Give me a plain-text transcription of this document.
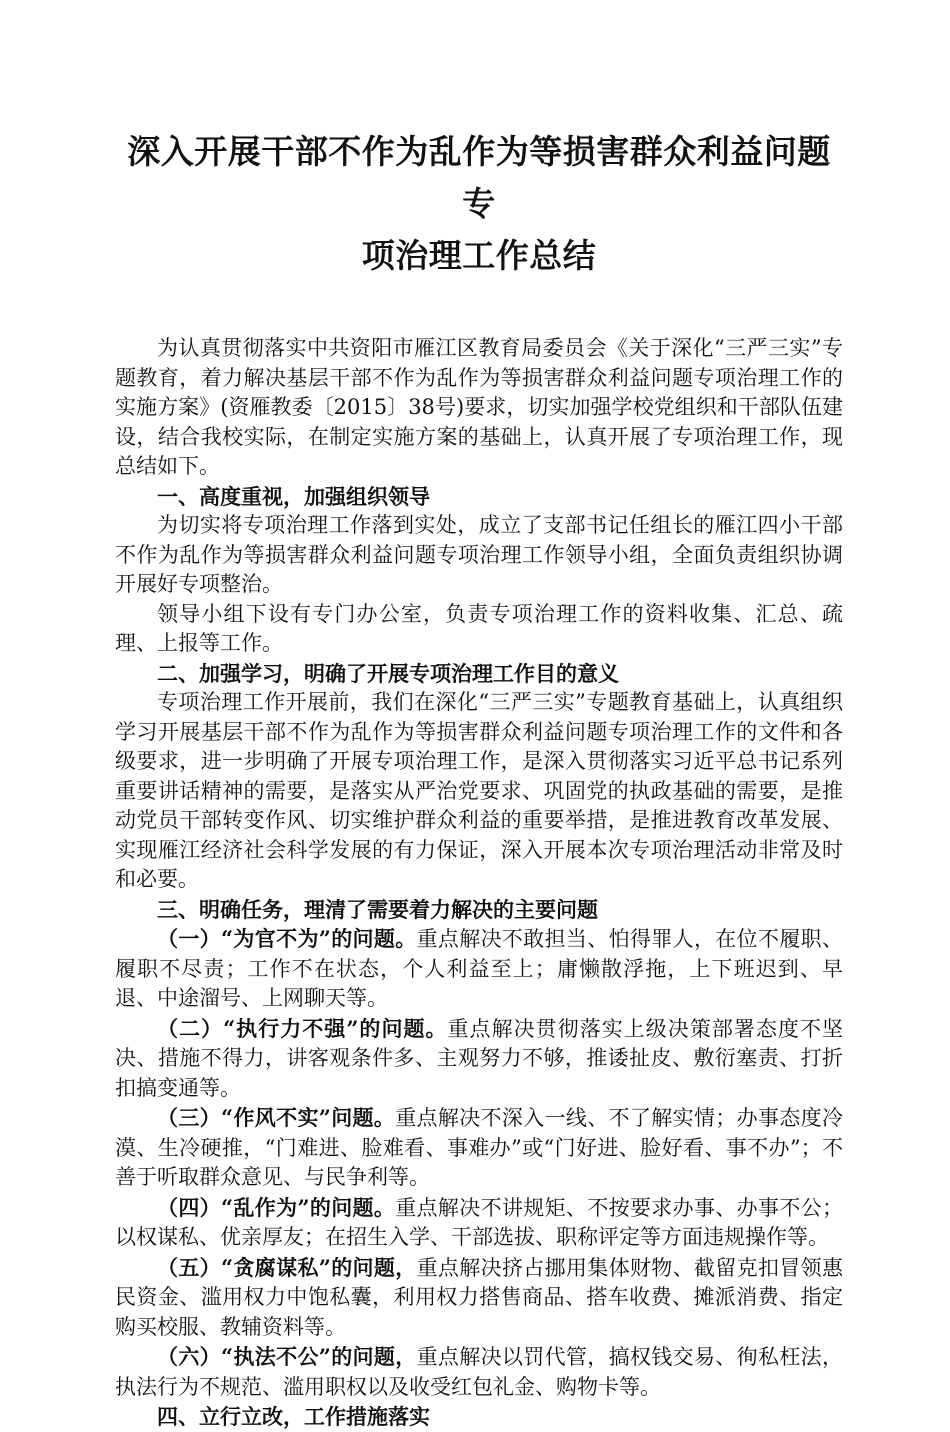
深入开展干部不作为乱作为等损害群众利益问题专
项治理工作总结

为认真贯彻落实中共资阳市雁江区教育局委员会《关于深化“三严三实”专题教育，着力解决基层干部不作为乱作为等损害群众利益问题专项治理工作的实施方案》(资雁教委〔2015〕38号)要求，切实加强学校党组织和干部队伍建设，结合我校实际，在制定实施方案的基础上，认真开展了专项治理工作，现总结如下。

一、高度重视，加强组织领导

为切实将专项治理工作落到实处，成立了支部书记任组长的雁江四小干部不作为乱作为等损害群众利益问题专项治理工作领导小组，全面负责组织协调开展好专项整治。

领导小组下设有专门办公室，负责专项治理工作的资料收集、汇总、疏理、上报等工作。

二、加强学习，明确了开展专项治理工作目的意义

专项治理工作开展前，我们在深化“三严三实”专题教育基础上，认真组织学习开展基层干部不作为乱作为等损害群众利益问题专项治理工作的文件和各级要求，进一步明确了开展专项治理工作，是深入贯彻落实习近平总书记系列重要讲话精神的需要，是落实从严治党要求、巩固党的执政基础的需要，是推动党员干部转变作风、切实维护群众利益的重要举措，是推进教育改革发展、实现雁江经济社会科学发展的有力保证，深入开展本次专项治理活动非常及时和必要。

三、明确任务，理清了需要着力解决的主要问题

（一）“为官不为”的问题。重点解决不敢担当、怕得罪人，在位不履职、履职不尽责；工作不在状态，个人利益至上；庸懒散浮拖，上下班迟到、早退、中途溜号、上网聊天等。

（二）“执行力不强”的问题。重点解决贯彻落实上级决策部署态度不坚决、措施不得力，讲客观条件多、主观努力不够，推诿扯皮、敷衍塞责、打折扣搞变通等。

（三）“作风不实”问题。重点解决不深入一线、不了解实情；办事态度冷漠、生冷硬推，“门难进、脸难看、事难办”或“门好进、脸好看、事不办”；不善于听取群众意见、与民争利等。

（四）“乱作为”的问题。重点解决不讲规矩、不按要求办事、办事不公；以权谋私、优亲厚友；在招生入学、干部选拔、职称评定等方面违规操作等。

（五）“贪腐谋私”的问题，重点解决挤占挪用集体财物、截留克扣冒领惠民资金、滥用权力中饱私囊，利用权力搭售商品、搭车收费、摊派消费、指定购买校服、教辅资料等。

（六）“执法不公”的问题，重点解决以罚代管，搞权钱交易、徇私枉法，执法行为不规范、滥用职权以及收受红包礼金、购物卡等。

四、立行立改，工作措施落实
